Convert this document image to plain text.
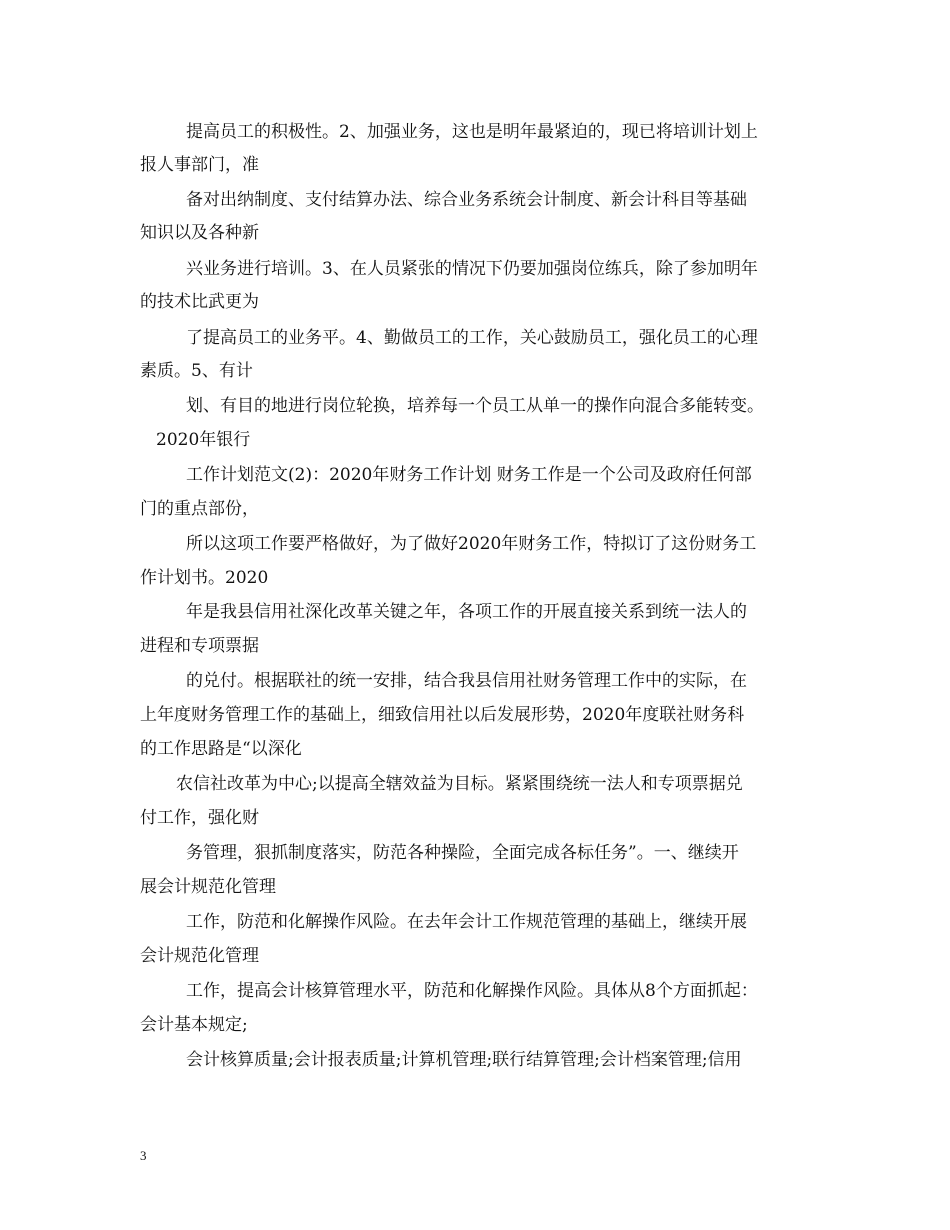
提高员工的积极性。2、加强业务，这也是明年最紧迫的，现已将培训计划上
报人事部门，准
备对出纳制度、支付结算办法、综合业务系统会计制度、新会计科目等基础
知识以及各种新
兴业务进行培训。3、在人员紧张的情况下仍要加强岗位练兵，除了参加明年
的技术比武更为
了提高员工的业务平。4、勤做员工的工作，关心鼓励员工，强化员工的心理
素质。5、有计
划、有目的地进行岗位轮换，培养每一个员工从单一的操作向混合多能转变。
2020年银行
工作计划范文(2)：2020年财务工作计划 财务工作是一个公司及政府任何部
门的重点部份，
所以这项工作要严格做好，为了做好2020年财务工作，特拟订了这份财务工
作计划书。2020
年是我县信用社深化改革关键之年，各项工作的开展直接关系到统一法人的
进程和专项票据
的兑付。根据联社的统一安排，结合我县信用社财务管理工作中的实际，在
上年度财务管理工作的基础上，细致信用社以后发展形势，2020年度联社财务科
的工作思路是“以深化
农信社改革为中心;以提高全辖效益为目标。紧紧围绕统一法人和专项票据兑
付工作，强化财
务管理，狠抓制度落实，防范各种操险，全面完成各标任务”。一、继续开
展会计规范化管理
工作，防范和化解操作风险。在去年会计工作规范管理的基础上，继续开展
会计规范化管理
工作，提高会计核算管理水平，防范和化解操作风险。具体从8个方面抓起：
会计基本规定;
会计核算质量;会计报表质量;计算机管理;联行结算管理;会计档案管理;信用
3
